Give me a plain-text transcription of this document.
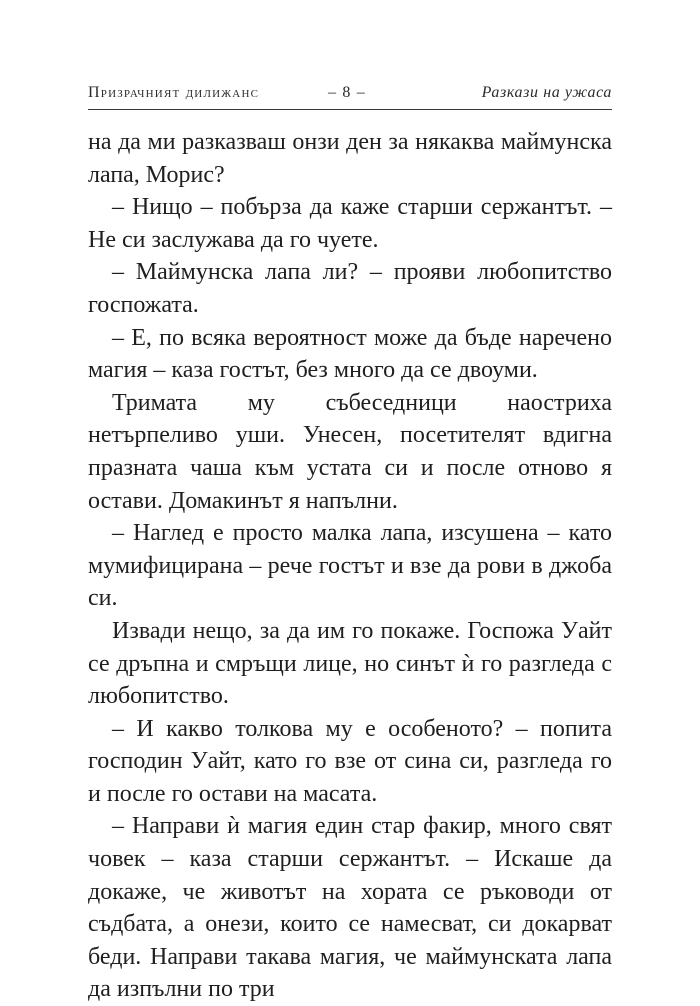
Призрачният дилижанс	– 8 –	Разкази на ужаса

на да ми разказваш онзи ден за някаква маймунска лапа, Морис?

– Нищо – побърза да каже старши сержантът. – Не си заслужава да го чуете.

– Маймунска лапа ли? – прояви любопитство госпожата.

– Е, по всяка вероятност може да бъде наречено магия – каза гостът, без много да се двоуми.

Тримата му събеседници наостриха нетърпеливо уши. Унесен, посетителят вдигна празната чаша към устата си и после отново я остави. Домакинът я напълни.

– Наглед е просто малка лапа, изсушена – като мумифицирана – рече гостът и взе да рови в джоба си.

Извади нещо, за да им го покаже. Госпожа Уайт се дръпна и смръщи лице, но синът ѝ го разгледа с любопитство.

– И какво толкова му е особеното? – попита господин Уайт, като го взе от сина си, разгледа го и после го остави на масата.

– Направи ѝ магия един стар факир, много свят човек – каза старши сержантът. – Искаше да докаже, че животът на хората се ръководи от съдбата, а онези, които се намесват, си докарват беди. Направи такава магия, че маймунската лапа да изпълни по три
